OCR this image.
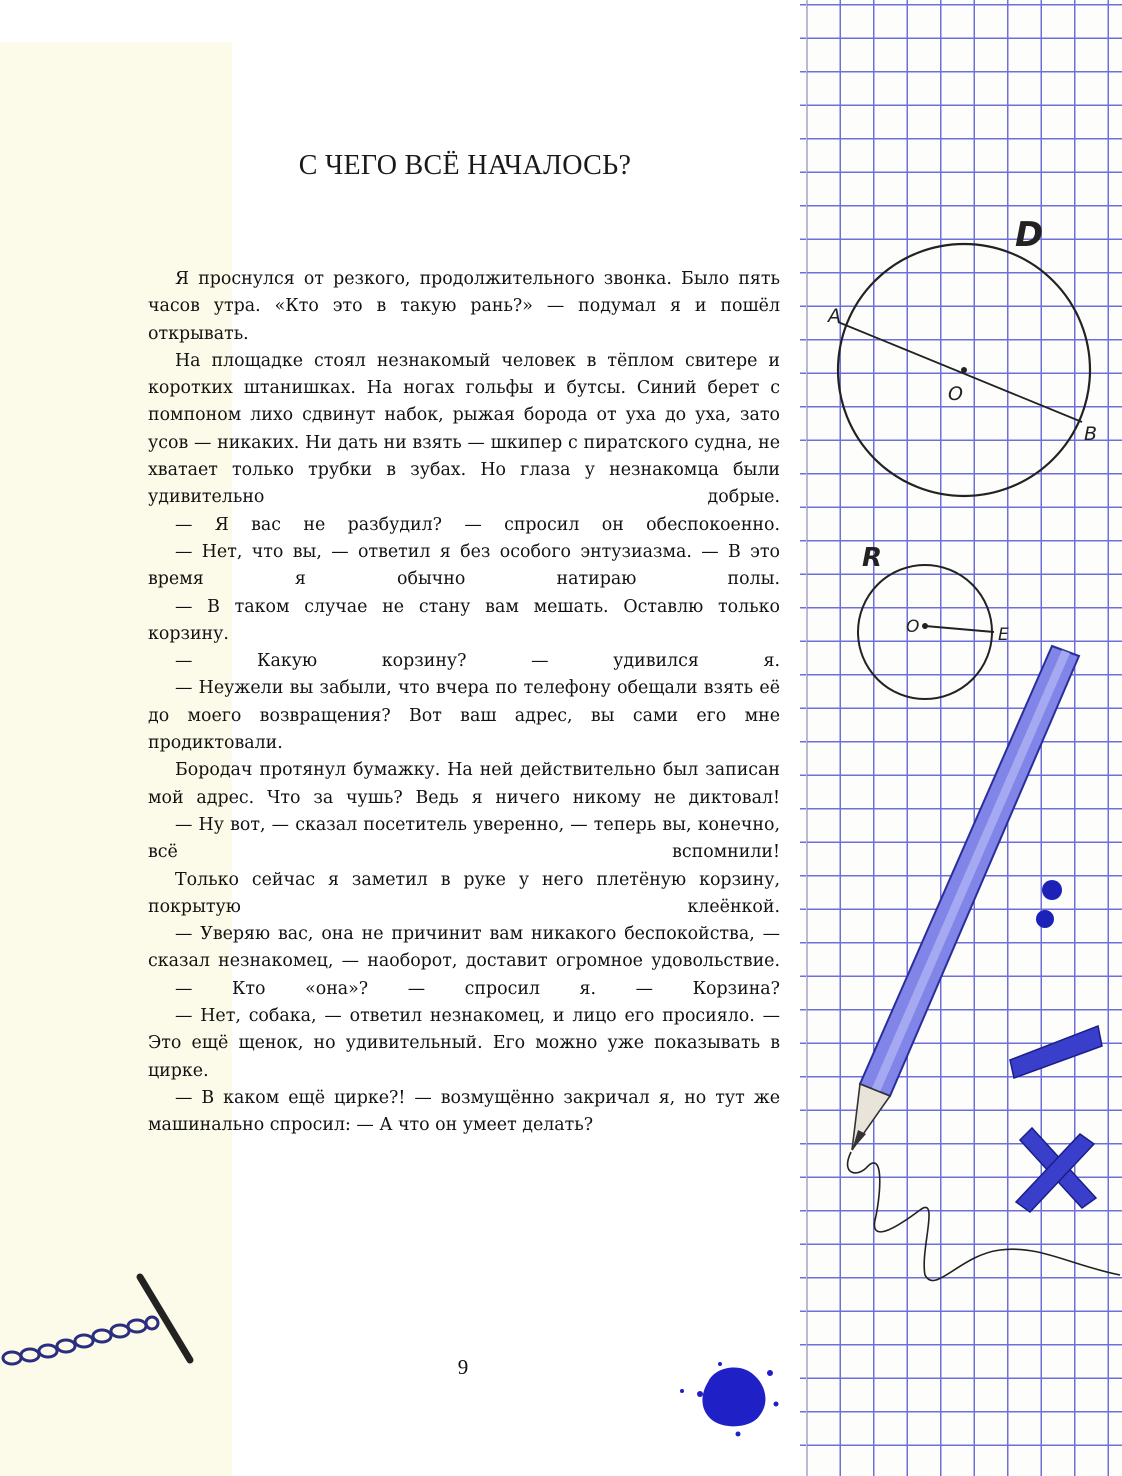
С ЧЕГО ВСЁ НАЧАЛОСЬ?

Я проснулся от резкого, продолжительного звонка. Было пять часов утра. «Кто это в такую рань?» — подумал я и пошёл открывать.

На площадке стоял незнакомый человек в тёплом свитере и коротких штанишках. На ногах гольфы и бутсы. Синий берет с помпоном лихо сдвинут набок, рыжая борода от уха до уха, зато усов — никаких. Ни дать ни взять — шкипер с пиратского судна, не хватает только трубки в зубах. Но глаза у незнакомца были удивительно добрые.

— Я вас не разбудил? — спросил он обеспокоенно.

— Нет, что вы, — ответил я без особого энтузиазма. — В это время я обычно натираю полы.

— В таком случае не стану вам мешать. Оставлю только корзину.

— Какую корзину? — удивился я.

— Неужели вы забыли, что вчера по телефону обещали взять её до моего возвращения? Вот ваш адрес, вы сами его мне продиктовали.

Бородач протянул бумажку. На ней действительно был записан мой адрес. Что за чушь? Ведь я ничего никому не диктовал!

— Ну вот, — сказал посетитель уверенно, — теперь вы, конечно, всё вспомнили!

Только сейчас я заметил в руке у него плетёную корзину, покрытую клеёнкой.

— Уверяю вас, она не причинит вам никакого беспокойства, — сказал незнакомец, — наоборот, доставит огромное удовольствие.

— Кто «она»? — спросил я. — Корзина?

— Нет, собака, — ответил незнакомец, и лицо его просияло. — Это ещё щенок, но удивительный. Его можно уже показывать в цирке.

— В каком ещё цирке?! — возмущённо закричал я, но тут же машинально спросил: — А что он умеет делать?

9
D
A
O
B
R
O	E
